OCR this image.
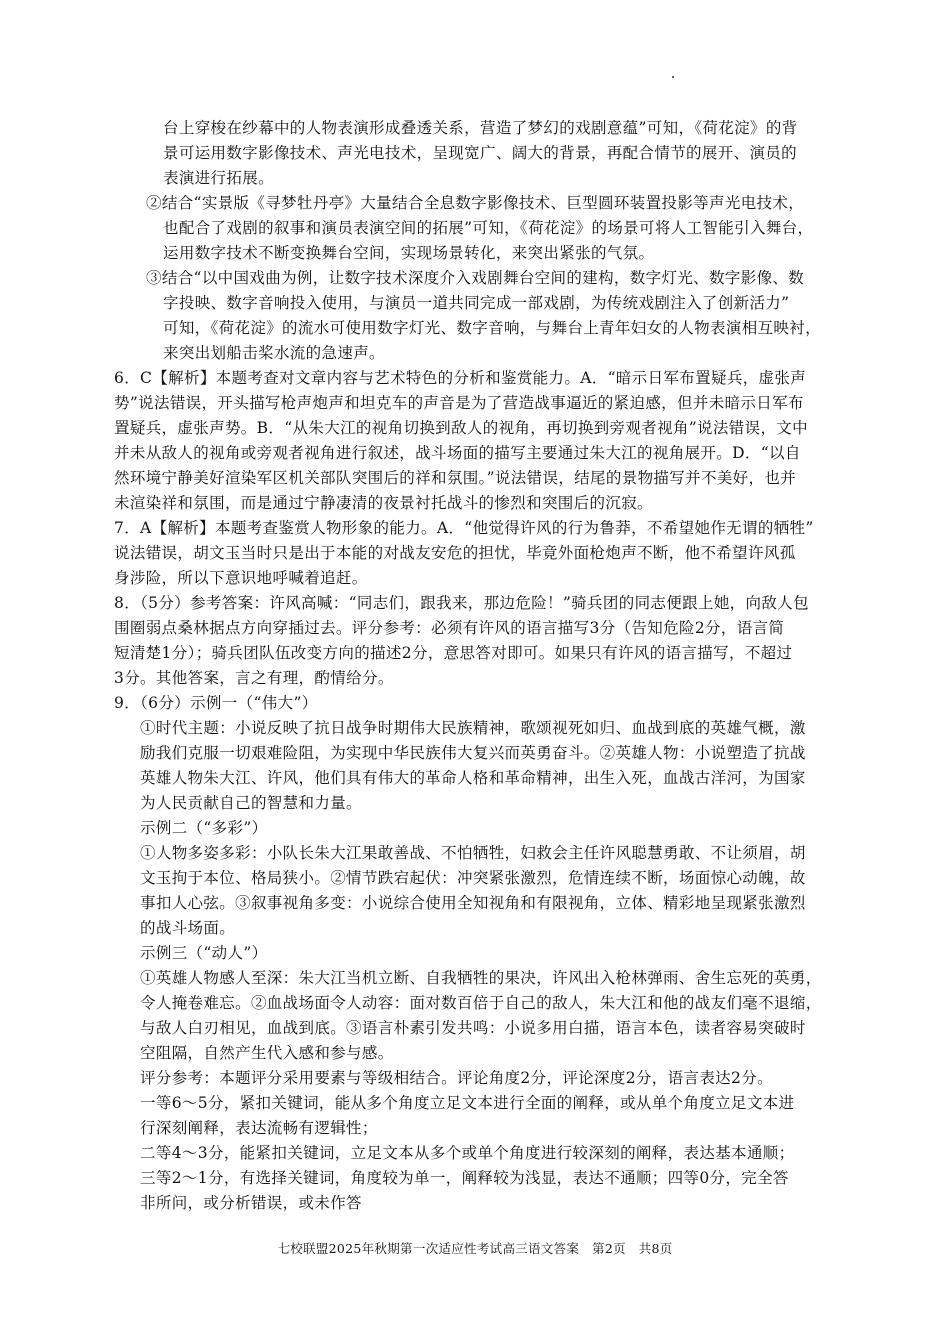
台上穿梭在纱幕中的人物表演形成叠透关系，营造了梦幻的戏剧意蕴”可知，《荷花淀》的背
景可运用数字影像技术、声光电技术，呈现宽广、阔大的背景，再配合情节的展开、演员的
表演进行拓展。
②结合“实景版《寻梦牡丹亭》大量结合全息数字影像技术、巨型圆环装置投影等声光电技术，
也配合了戏剧的叙事和演员表演空间的拓展”可知，《荷花淀》的场景可将人工智能引入舞台，
运用数字技术不断变换舞台空间，实现场景转化，来突出紧张的气氛。
③结合“以中国戏曲为例，让数字技术深度介入戏剧舞台空间的建构，数字灯光、数字影像、数
字投映、数字音响投入使用，与演员一道共同完成一部戏剧，为传统戏剧注入了创新活力”
可知，《荷花淀》的流水可使用数字灯光、数字音响，与舞台上青年妇女的人物表演相互映衬，
来突出划船击桨水流的急速声。
6．C【解析】本题考查对文章内容与艺术特色的分析和鉴赏能力。A．“暗示日军布置疑兵，虚张声
势”说法错误，开头描写枪声炮声和坦克车的声音是为了营造战事逼近的紧迫感，但并未暗示日军布
置疑兵，虚张声势。B．“从朱大江的视角切换到敌人的视角，再切换到旁观者视角”说法错误，文中
并未从敌人的视角或旁观者视角进行叙述，战斗场面的描写主要通过朱大江的视角展开。D．“以自
然环境宁静美好渲染军区机关部队突围后的祥和氛围。”说法错误，结尾的景物描写并不美好，也并
未渲染祥和氛围，而是通过宁静凄清的夜景衬托战斗的惨烈和突围后的沉寂。
7．A【解析】本题考查鉴赏人物形象的能力。A．“他觉得许风的行为鲁莽，不希望她作无谓的牺牲”
说法错误，胡文玉当时只是出于本能的对战友安危的担忧，毕竟外面枪炮声不断，他不希望许风孤
身涉险，所以下意识地呼喊着追赶。
8．（5分）参考答案：许风高喊：“同志们，跟我来，那边危险！”骑兵团的同志便跟上她，向敌人包
围圈弱点桑林据点方向穿插过去。评分参考：必须有许风的语言描写3分（告知危险2分，语言简
短清楚1分）；骑兵团队伍改变方向的描述2分，意思答对即可。如果只有许风的语言描写，不超过
3分。其他答案，言之有理，酌情给分。
9．（6分）示例一（“伟大”）
①时代主题：小说反映了抗日战争时期伟大民族精神，歌颂视死如归、血战到底的英雄气概，激
励我们克服一切艰难险阻，为实现中华民族伟大复兴而英勇奋斗。②英雄人物：小说塑造了抗战
英雄人物朱大江、许风，他们具有伟大的革命人格和革命精神，出生入死，血战古洋河，为国家
为人民贡献自己的智慧和力量。
示例二（“多彩”）
①人物多姿多彩：小队长朱大江果敢善战、不怕牺牲，妇救会主任许风聪慧勇敢、不让须眉，胡
文玉拘于本位、格局狭小。②情节跌宕起伏：冲突紧张激烈，危情连续不断，场面惊心动魄，故
事扣人心弦。③叙事视角多变：小说综合使用全知视角和有限视角，立体、精彩地呈现紧张激烈
的战斗场面。
示例三（“动人”）
①英雄人物感人至深：朱大江当机立断、自我牺牲的果决，许风出入枪林弹雨、舍生忘死的英勇，
令人掩卷难忘。②血战场面令人动容：面对数百倍于自己的敌人，朱大江和他的战友们毫不退缩，
与敌人白刃相见，血战到底。③语言朴素引发共鸣：小说多用白描，语言本色，读者容易突破时
空阻隔，自然产生代入感和参与感。
评分参考：本题评分采用要素与等级相结合。评论角度2分，评论深度2分，语言表达2分。
一等6～5分，紧扣关键词，能从多个角度立足文本进行全面的阐释，或从单个角度立足文本进
行深刻阐释，表达流畅有逻辑性；
二等4～3分，能紧扣关键词，立足文本从多个或单个角度进行较深刻的阐释，表达基本通顺；
三等2～1分，有选择关键词，角度较为单一，阐释较为浅显，表达不通顺；四等0分，完全答
非所问，或分析错误，或未作答
七校联盟2025年秋期第一次适应性考试高三语文答案　第2页　共8页
